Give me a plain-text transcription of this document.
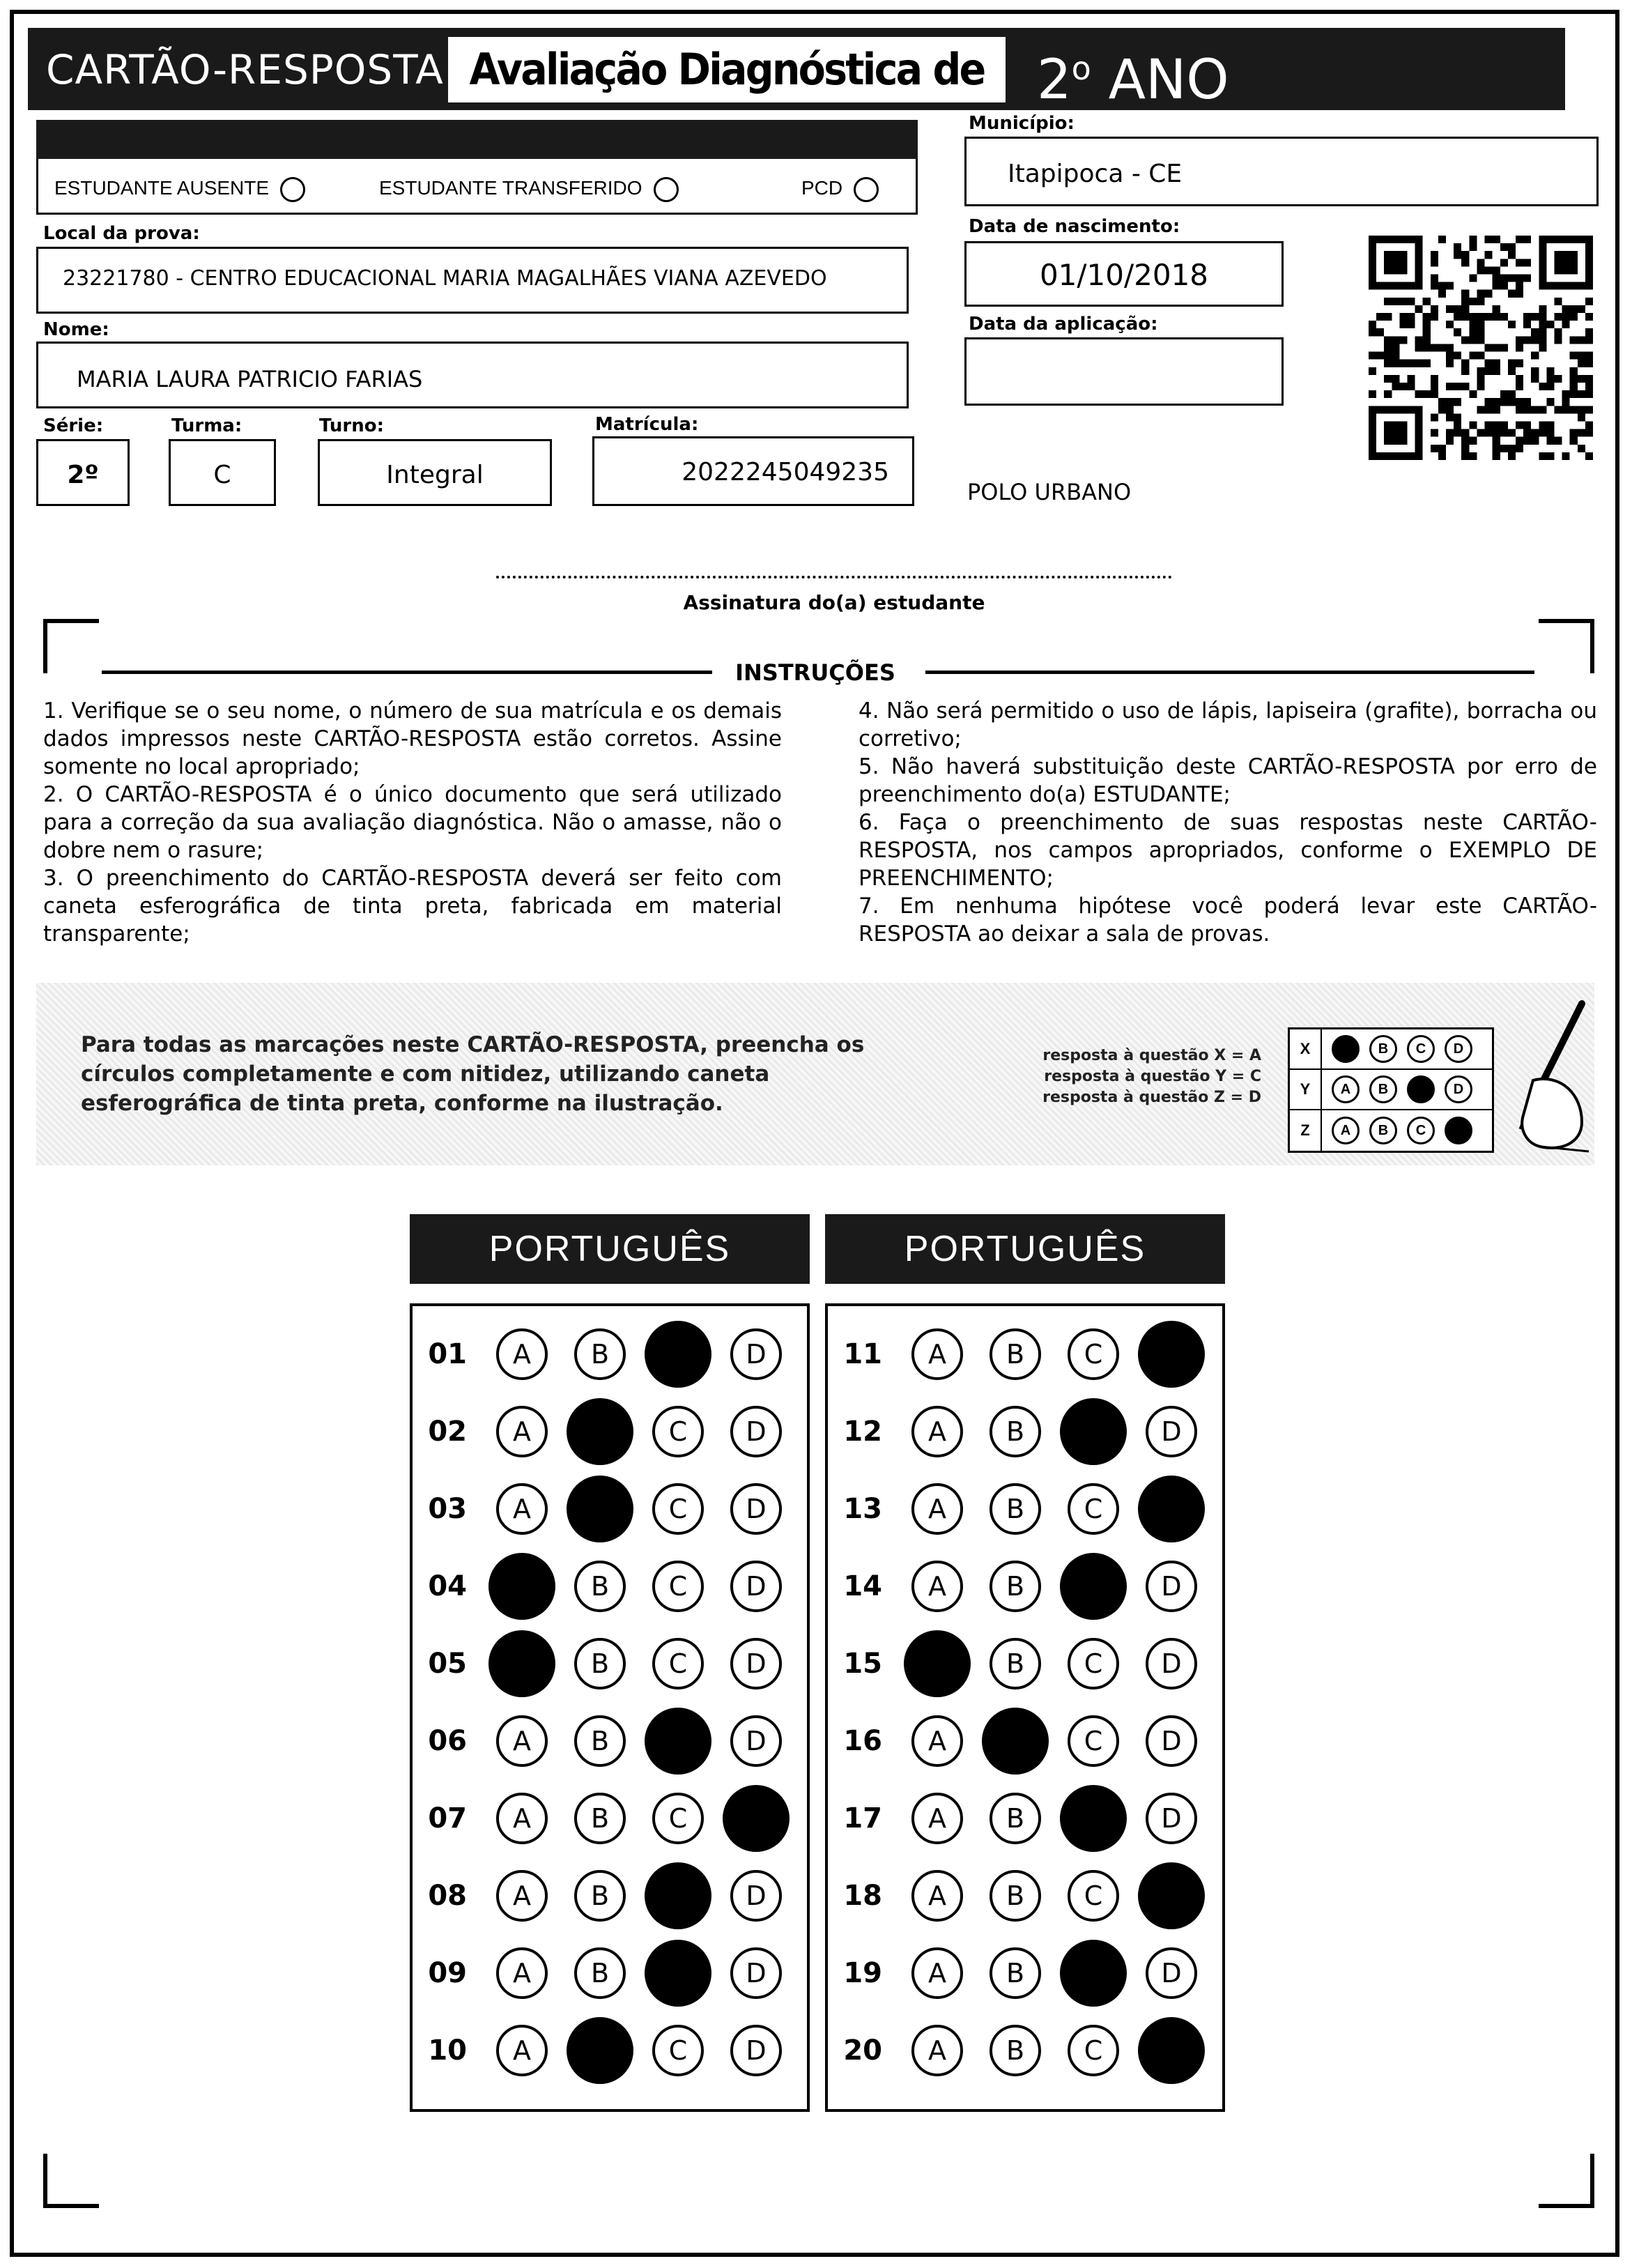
CARTÃO-RESPOSTA Avaliação Diagnóstica de 2$^o$ ANO
ESTUDANTE AUSENTE	ESTUDANTE TRANSFERIDO	PCD
Local da prova:
23221780 - CENTRO EDUCACIONAL MARIA MAGALHÃES VIANA AZEVEDO
Nome:
MARIA LAURA PATRICIO FARIAS
Série:
2º
Turma:
C
Turno:
Integral
Matrícula:
2022245049235
Município:
Itapipoca - CE
Data de nascimento:
01/10/2018
Data da aplicação:
POLO URBANO
Assinatura do(a) estudante
INSTRUÇÕES

1. Verifique se o seu nome, o número de sua matrícula e os demais dados impressos neste CARTÃO-RESPOSTA estão corretos. Assine somente no local apropriado;

2. O CARTÃO-RESPOSTA é o único documento que será utilizado para a correção da sua avaliação diagnóstica. Não o amasse, não o dobre nem o rasure;

3. O preenchimento do CARTÃO-RESPOSTA deverá ser feito com caneta esferográfica de tinta preta, fabricada em material transparente;

4. Não será permitido o uso de lápis, lapiseira (grafite), borracha ou corretivo;

5. Não haverá substituição deste CARTÃO-RESPOSTA por erro de preenchimento do(a) ESTUDANTE;

6. Faça o preenchimento de suas respostas neste CARTÃO-RESPOSTA, nos campos apropriados, conforme o EXEMPLO DE PREENCHIMENTO;

7. Em nenhuma hipótese você poderá levar este CARTÃO-RESPOSTA ao deixar a sala de provas.

Para todas as marcações neste CARTÃO-RESPOSTA, preencha os círculos completamente e com nitidez, utilizando caneta esferográfica de tinta preta, conforme na ilustração.
resposta à questão X = A
resposta à questão Y = C
resposta à questão Z = D
X	A	B	C	D
Y	A	B	C	D
Z	A	B	C	D
PORTUGUÊS	PORTUGUÊS
01	A	B	C	D
02	A	B	C	D
03	A	B	C	D
04	A	B	C	D
05	A	B	C	D
06	A	B	C	D
07	A	B	C	D
08	A	B	C	D
09	A	B	C	D
10	A	B	C	D
11	A	B	C	D
12	A	B	C	D
13	A	B	C	D
14	A	B	C	D
15	A	B	C	D
16	A	B	C	D
17	A	B	C	D
18	A	B	C	D
19	A	B	C	D
20	A	B	C	D
